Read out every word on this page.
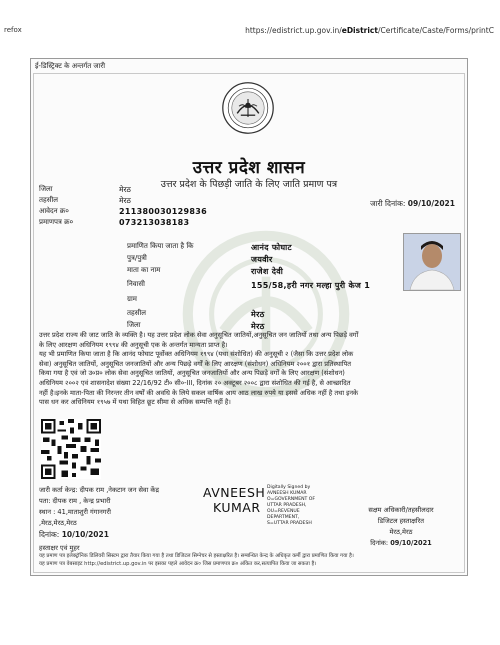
refox	https://edistrict.up.gov.in/eDistrict/Certificate/Caste/Forms/printC
ई-डिस्ट्रिक्ट के अन्तर्गत जारी
उत्तर प्रदेश शासन
उत्तर प्रदेश के पिछड़ी जाति के लिए जाति प्रमाण पत्र
जिला	मेरठ
तहसील	मेरठ
आवेदन क्र०	211380030129836
प्रमाणपत्र क्र०	073213038183
जारी दिनांक: 09/10/2021
प्रमाणित किया जाता है कि	आनंद फोघाट
पुत्र/पुत्री	जयवीर
माता का नाम	राजेश देवी
निवासी	155/58,हरी नगर मल्हा पुरी केज 1
ग्राम
तहसील	मेरठ
जिला	मेरठ
उत्तर प्रदेश राज्य की जाट जाति के व्यक्ति है। यह उत्तर प्रदेश लोक सेवा अनुसूचित जातियों,अनुसूचित जन जातियों तथा अन्य पिछड़े वर्गों
के लिए आरक्षण अधिनियम १९९४ की अनुसूची एक के अन्तर्गत मान्यता प्राप्त है।
यह भी प्रमाणित किया जाता है कि आनंद फोघाट पूर्वोक्त अधिनियम १९९४ (यथा संशोधित) की अनुसूची २ (जैसा कि उत्तर प्रदेश लोक
सेवा) अनुसूचित जातियों, अनुसूचित जनजातियों और अन्य पिछड़े वर्गों के लिए आरक्षण (संशोधन) अधिनियम २००१ द्वारा प्रतिस्थापित
किया गया है एवं जो उ०प्र० लोक सेवा अनुसूचित जातियों, अनुसूचित जनजातियों और अन्य पिछड़े वर्गों के लिए आरक्षण (संशोधन)
अधिनियम २००२ एवं शासनादेश संख्या 22/16/92 टी० सी०-III, दिनांक २० अक्टूबर २००८ द्वारा संशोधित की गई है, से आच्छादित
नहीं है।इनके माता-पिता की निरन्तर तीन वर्षों की अवधि के लिये सकल वार्षिक आय आठ लाख रुपये या इससे अधिक नहीं है तथा इनके
पास धन कर अधिनियम १९५७ में यथा विहित छूट सीमा से अधिक सम्पत्ति नहीं है।
जारी कर्ता केन्द्र: दीपक राम ,नेकटान जन सेवा केंद्र
पता: दीपक राम , केन्द्र प्रभारी
स्थान : 41,माताशुरी गंगानगरी
,मेरठ,मेरठ,मेरठ
दिनांक: 10/10/2021
हस्ताक्षर एवं मुहर
AVNEESH
KUMAR
Digitally Signed by
AVNEESH KUMAR
O=GOVERNMENT OF
UTTAR PRADESH,
OU=REVENUE
DEPARTMENT,
S=UTTAR PRADESH
सक्षम अधिकारी/तहसीलदार
डिजिटल हस्ताक्षरित
मेरठ,मेरठ
दिनांक: 09/10/2021
यह प्रमाण पत्र इलेक्ट्रॉनिक डिलिवरी सिस्टम द्वारा तैयार किया गया है तथा डिजिटल सिग्नेचर से हस्ताक्षरित है। सम्बन्धित केन्द्र के अधिकृत कर्मी द्वारा प्रमाणित किया गया है।
यह प्रमाण पत्र वेबसाइट http://edistrict.up.gov.in पर इसका पहले आवेदन क्र० जिस प्रमाणपत्र क्र० अंकित कर,सत्यापित किया जा सकता है।
